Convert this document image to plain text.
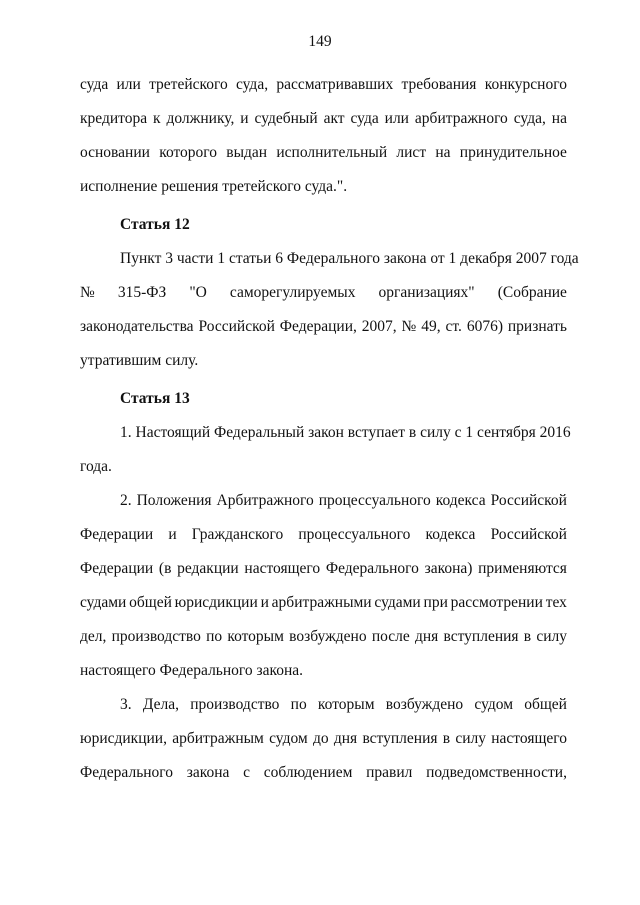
149
суда или третейского суда, рассматривавших требования конкурсного
кредитора к должнику, и судебный акт суда или арбитражного суда, на
основании которого выдан исполнительный лист на принудительное
исполнение решения третейского суда.".
Статья 12
Пункт 3 части 1 статьи 6 Федерального закона от 1 декабря 2007 года
№ 315-ФЗ "О саморегулируемых организациях" (Собрание
законодательства Российской Федерации, 2007, № 49, ст. 6076) признать
утратившим силу.
Статья 13
1. Настоящий Федеральный закон вступает в силу с 1 сентября 2016
года.
2. Положения Арбитражного процессуального кодекса Российской
Федерации и Гражданского процессуального кодекса Российской
Федерации (в редакции настоящего Федерального закона) применяются
судами общей юрисдикции и арбитражными судами при рассмотрении тех
дел, производство по которым возбуждено после дня вступления в силу
настоящего Федерального закона.
3. Дела, производство по которым возбуждено судом общей
юрисдикции, арбитражным судом до дня вступления в силу настоящего
Федерального закона с соблюдением правил подведомственности,
